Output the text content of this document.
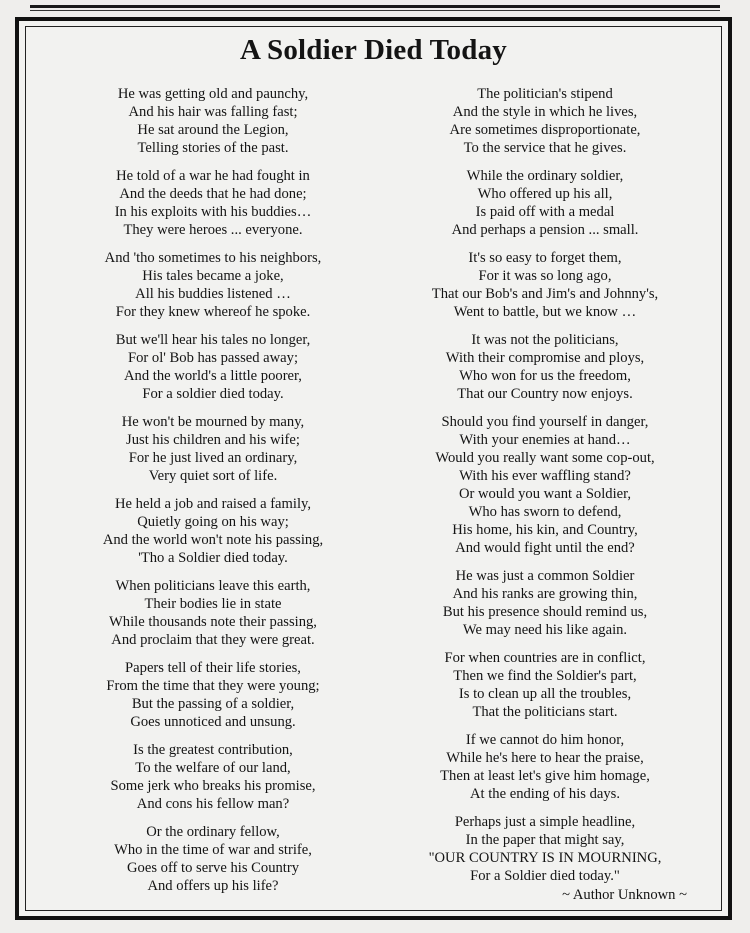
A Soldier Died Today
He was getting old and paunchy,
And his hair was falling fast;
He sat around the Legion,
Telling stories of the past.
He told of a war he had fought in
And the deeds that he had done;
In his exploits with his buddies…
They were heroes ... everyone.
And 'tho sometimes to his neighbors,
His tales became a joke,
All his buddies listened …
For they knew whereof he spoke.
But we'll hear his tales no longer,
For ol' Bob has passed away;
And the world's a little poorer,
For a soldier died today.
He won't be mourned by many,
Just his children and his wife;
For he just lived an ordinary,
Very quiet sort of life.
He held a job and raised a family,
Quietly going on his way;
And the world won't note his passing,
'Tho a Soldier died today.
When politicians leave this earth,
Their bodies lie in state
While thousands note their passing,
And proclaim that they were great.
Papers tell of their life stories,
From the time that they were young;
But the passing of a soldier,
Goes unnoticed and unsung.
Is the greatest contribution,
To the welfare of our land,
Some jerk who breaks his promise,
And cons his fellow man?
Or the ordinary fellow,
Who in the time of war and strife,
Goes off to serve his Country
And offers up his life?
The politician's stipend
And the style in which he lives,
Are sometimes disproportionate,
To the service that he gives.
While the ordinary soldier,
Who offered up his all,
Is paid off with a medal
And perhaps a pension ... small.
It's so easy to forget them,
For it was so long ago,
That our Bob's and Jim's and Johnny's,
Went to battle, but we know …
It was not the politicians,
With their compromise and ploys,
Who won for us the freedom,
That our Country now enjoys.
Should you find yourself in danger,
With your enemies at hand…
Would you really want some cop-out,
With his ever waffling stand?
Or would you want a Soldier,
Who has sworn to defend,
His home, his kin, and Country,
And would fight until the end?
He was just a common Soldier
And his ranks are growing thin,
But his presence should remind us,
We may need his like again.
For when countries are in conflict,
Then we find the Soldier's part,
Is to clean up all the troubles,
That the politicians start.
If we cannot do him honor,
While he's here to hear the praise,
Then at least let's give him homage,
At the ending of his days.
Perhaps just a simple headline,
In the paper that might say,
"OUR COUNTRY IS IN MOURNING,
For a Soldier died today."
~ Author Unknown ~
